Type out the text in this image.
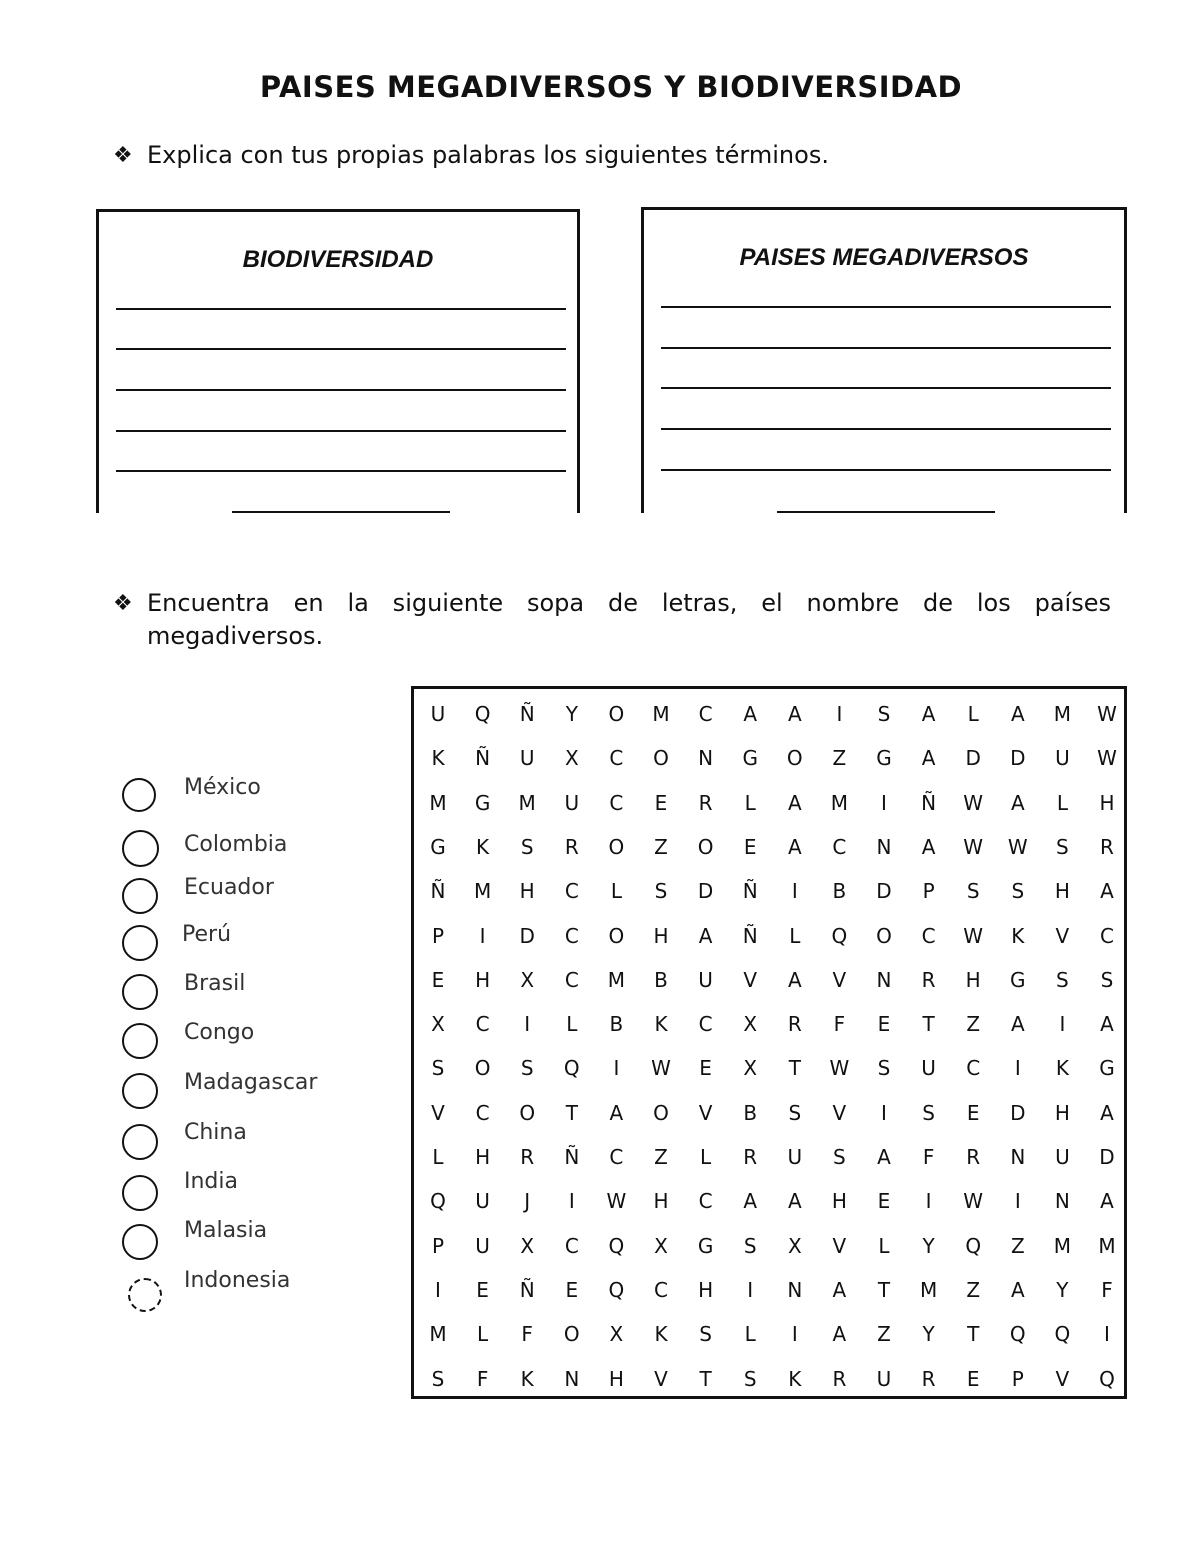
PAISES MEGADIVERSOS Y BIODIVERSIDAD
❖ Explica con tus propias palabras los siguientes términos.
BIODIVERSIDAD	PAISES MEGADIVERSOS
❖ Encuentra en la siguiente sopa de letras, el nombre de los países megadiversos.
México
Colombia
Ecuador
Perú
Brasil
Congo
Madagascar
China
India
Malasia
Indonesia
U	Q	Ñ	Y	O	M	C	A	A	I	S	A	L	A	M	W
K	Ñ	U	X	C	O	N	G	O	Z	G	A	D	D	U	W
M	G	M	U	C	E	R	L	A	M	I	Ñ	W	A	L	H
G	K	S	R	O	Z	O	E	A	C	N	A	W	W	S	R
Ñ	M	H	C	L	S	D	Ñ	I	B	D	P	S	S	H	A
P	I	D	C	O	H	A	Ñ	L	Q	O	C	W	K	V	C
E	H	X	C	M	B	U	V	A	V	N	R	H	G	S	S
X	C	I	L	B	K	C	X	R	F	E	T	Z	A	I	A
S	O	S	Q	I	W	E	X	T	W	S	U	C	I	K	G
V	C	O	T	A	O	V	B	S	V	I	S	E	D	H	A
L	H	R	Ñ	C	Z	L	R	U	S	A	F	R	N	U	D
Q	U	J	I	W	H	C	A	A	H	E	I	W	I	N	A
P	U	X	C	Q	X	G	S	X	V	L	Y	Q	Z	M	M
I	E	Ñ	E	Q	C	H	I	N	A	T	M	Z	A	Y	F
M	L	F	O	X	K	S	L	I	A	Z	Y	T	Q	Q	I
S	F	K	N	H	V	T	S	K	R	U	R	E	P	V	Q
